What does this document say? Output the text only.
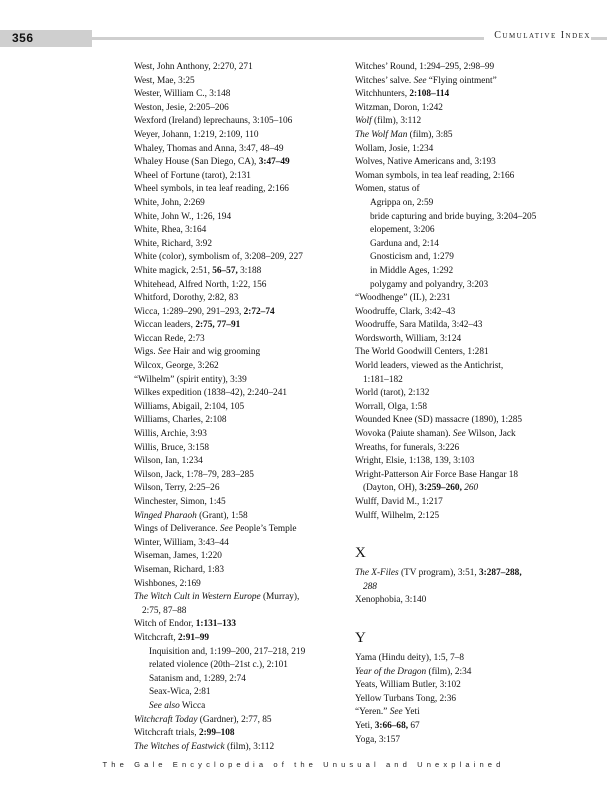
356	Cumulative Index
West, John Anthony, 2:270, 271
West, Mae, 3:25
Wester, William C., 3:148
Weston, Jesie, 2:205–206
Wexford (Ireland) leprechauns, 3:105–106
Weyer, Johann, 1:219, 2:109, 110
Whaley, Thomas and Anna, 3:47, 48–49
Whaley House (San Diego, CA), 3:47–49
Wheel of Fortune (tarot), 2:131
Wheel symbols, in tea leaf reading, 2:166
White, John, 2:269
White, John W., 1:26, 194
White, Rhea, 3:164
White, Richard, 3:92
White (color), symbolism of, 3:208–209, 227
White magick, 2:51, 56–57, 3:188
Whitehead, Alfred North, 1:22, 156
Whitford, Dorothy, 2:82, 83
Wicca, 1:289–290, 291–293, 2:72–74
Wiccan leaders, 2:75, 77–91
Wiccan Rede, 2:73
Wigs. See Hair and wig grooming
Wilcox, George, 3:262
“Wilhelm” (spirit entity), 3:39
Wilkes expedition (1838–42), 2:240–241
Williams, Abigail, 2:104, 105
Williams, Charles, 2:108
Willis, Archie, 3:93
Willis, Bruce, 3:158
Wilson, Ian, 1:234
Wilson, Jack, 1:78–79, 283–285
Wilson, Terry, 2:25–26
Winchester, Simon, 1:45
Winged Pharaoh (Grant), 1:58
Wings of Deliverance. See People’s Temple
Winter, William, 3:43–44
Wiseman, James, 1:220
Wiseman, Richard, 1:83
Wishbones, 2:169
The Witch Cult in Western Europe (Murray),
2:75, 87–88
Witch of Endor, 1:131–133
Witchcraft, 2:91–99
Inquisition and, 1:199–200, 217–218, 219
related violence (20th–21st c.), 2:101
Satanism and, 1:289, 2:74
Seax-Wica, 2:81
See also Wicca
Witchcraft Today (Gardner), 2:77, 85
Witchcraft trials, 2:99–108
The Witches of Eastwick (film), 3:112
Witches’ Round, 1:294–295, 2:98–99
Witches’ salve. See “Flying ointment”
Witchhunters, 2:108–114
Witzman, Doron, 1:242
Wolf (film), 3:112
The Wolf Man (film), 3:85
Wollam, Josie, 1:234
Wolves, Native Americans and, 3:193
Woman symbols, in tea leaf reading, 2:166
Women, status of
Agrippa on, 2:59
bride capturing and bride buying, 3:204–205
elopement, 3:206
Garduna and, 2:14
Gnosticism and, 1:279
in Middle Ages, 1:292
polygamy and polyandry, 3:203
“Woodhenge” (IL), 2:231
Woodruffe, Clark, 3:42–43
Woodruffe, Sara Matilda, 3:42–43
Wordsworth, William, 3:124
The World Goodwill Centers, 1:281
World leaders, viewed as the Antichrist,
1:181–182
World (tarot), 2:132
Worrall, Olga, 1:58
Wounded Knee (SD) massacre (1890), 1:285
Wovoka (Paiute shaman). See Wilson, Jack
Wreaths, for funerals, 3:226
Wright, Elsie, 1:138, 139, 3:103
Wright-Patterson Air Force Base Hangar 18
(Dayton, OH), 3:259–260, 260
Wulff, David M., 1:217
Wulff, Wilhelm, 2:125
X
The X-Files (TV program), 3:51, 3:287–288,
288
Xenophobia, 3:140
Y
Yama (Hindu deity), 1:5, 7–8
Year of the Dragon (film), 2:34
Yeats, William Butler, 3:102
Yellow Turbans Tong, 2:36
“Yeren.” See Yeti
Yeti, 3:66–68, 67
Yoga, 3:157
The Gale Encyclopedia of the Unusual and Unexplained
